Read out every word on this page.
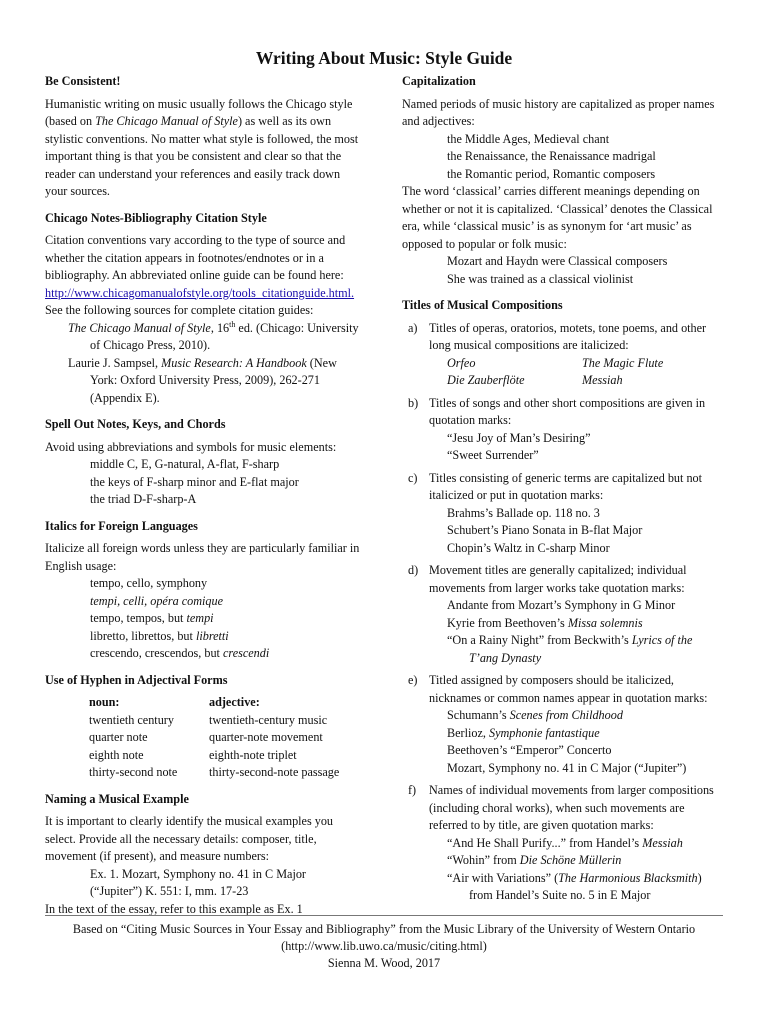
Writing About Music: Style Guide
Be Consistent!

Humanistic writing on music usually follows the Chicago style (based on The Chicago Manual of Style) as well as its own stylistic conventions. No matter what style is followed, the most important thing is that you be consistent and clear so that the reader can understand your references and easily track down your sources.

Chicago Notes-Bibliography Citation Style

Citation conventions vary according to the type of source and whether the citation appears in footnotes/endnotes or in a bibliography. An abbreviated online guide can be found here:
http://www.chicagomanualofstyle.org/tools_citationguide.html.

See the following sources for complete citation guides:

The Chicago Manual of Style, 16th ed. (Chicago: University of Chicago Press, 2010).

Laurie J. Sampsel, Music Research: A Handbook (New York: Oxford University Press, 2009), 262-271 (Appendix E).

Spell Out Notes, Keys, and Chords

Avoid using abbreviations and symbols for music elements:

middle C, E, G-natural, A-flat, F-sharp

the keys of F-sharp minor and E-flat major

the triad D-F-sharp-A

Italics for Foreign Languages

Italicize all foreign words unless they are particularly familiar in English usage:

tempo, cello, symphony

tempi, celli, opéra comique

tempo, tempos, but tempi

libretto, librettos, but libretti

crescendo, crescendos, but crescendi

Use of Hyphen in Adjectival Forms
noun:	adjective:
twentieth century	twentieth-century music
quarter note	quarter-note movement
eighth note	eighth-note triplet
thirty-second note	thirty-second-note passage
Naming a Musical Example

It is important to clearly identify the musical examples you select. Provide all the necessary details: composer, title, movement (if present), and measure numbers:

Ex. 1. Mozart, Symphony no. 41 in C Major

(“Jupiter”) K. 551: I, mm. 17-23

In the text of the essay, refer to this example as Ex. 1

Capitalization

Named periods of music history are capitalized as proper names and adjectives:

the Middle Ages, Medieval chant

the Renaissance, the Renaissance madrigal

the Romantic period, Romantic composers

The word ‘classical’ carries different meanings depending on whether or not it is capitalized. ‘Classical’ denotes the Classical era, while ‘classical music’ is as synonym for ‘art music’ as opposed to popular or folk music:

Mozart and Haydn were Classical composers

She was trained as a classical violinist

Titles of Musical Compositions
a) Titles of operas, oratorios, motets, tone poems, and other long musical compositions are italicized:

Orfeo	The Magic Flute
Die Zauberflöte	Messiah
b) Titles of songs and other short compositions are given in quotation marks:

“Jesu Joy of Man’s Desiring”

“Sweet Surrender”

c) Titles consisting of generic terms are capitalized but not italicized or put in quotation marks:

Brahms’s Ballade op. 118 no. 3

Schubert’s Piano Sonata in B-flat Major

Chopin’s Waltz in C-sharp Minor

d) Movement titles are generally capitalized; individual movements from larger works take quotation marks:

Andante from Mozart’s Symphony in G Minor

Kyrie from Beethoven’s Missa solemnis

“On a Rainy Night” from Beckwith’s Lyrics of the

T’ang Dynasty

e) Titled assigned by composers should be italicized, nicknames or common names appear in quotation marks:

Schumann’s Scenes from Childhood

Berlioz, Symphonie fantastique

Beethoven’s “Emperor” Concerto

Mozart, Symphony no. 41 in C Major (“Jupiter”)

f) Names of individual movements from larger compositions (including choral works), when such movements are referred to by title, are given quotation marks:

“And He Shall Purify...” from Handel’s Messiah

“Wohin” from Die Schöne Müllerin

“Air with Variations” (The Harmonious Blacksmith)

from Handel’s Suite no. 5 in E Major

Based on “Citing Music Sources in Your Essay and Bibliography” from the Music Library of the University of Western Ontario
(http://www.lib.uwo.ca/music/citing.html)
Sienna M. Wood, 2017
